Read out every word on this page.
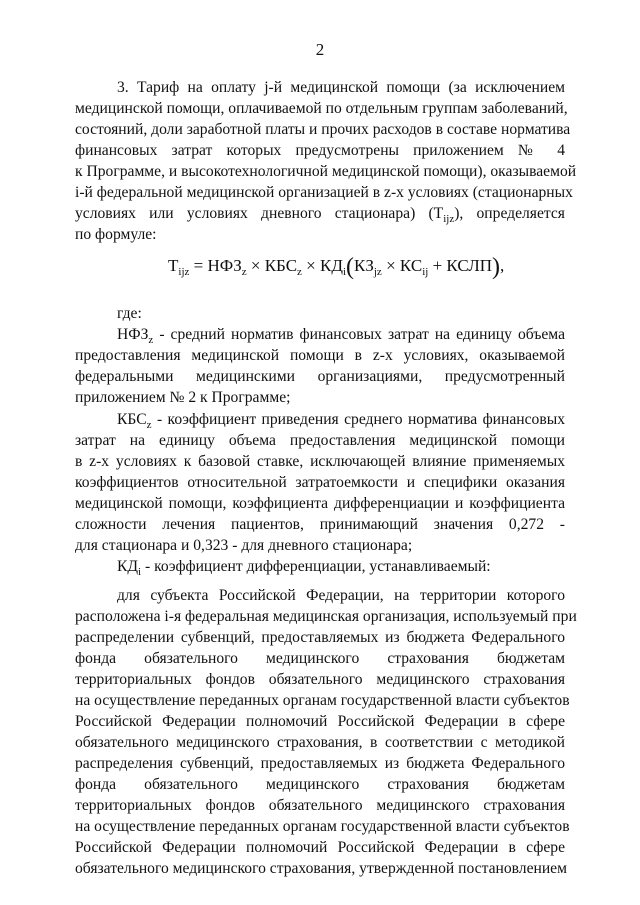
2
3. Тариф на оплату j-й медицинской помощи (за исключением
медицинской помощи, оплачиваемой по отдельным группам заболеваний,
состояний, доли заработной платы и прочих расходов в составе норматива
финансовых затрат которых предусмотрены приложением № 4
к Программе, и высокотехнологичной медицинской помощи), оказываемой
i-й федеральной медицинской организацией в z-х условиях (стационарных
условиях или условиях дневного стационара) $(T_{ijz})$, определяется
по формуле:
$T_{ijz} = НФЗ_z \times КБС_z \times КД_i(КЗ_{jz} \times КС_{ij}$ + КСЛП),
где:
$НФЗ_z$ - средний норматив финансовых затрат на единицу объема
предоставления медицинской помощи в z-х условиях, оказываемой
федеральными медицинскими организациями, предусмотренный
приложением № 2 к Программе;
$КБС_z$ - коэффициент приведения среднего норматива финансовых
затрат на единицу объема предоставления медицинской помощи
в z-х условиях к базовой ставке, исключающей влияние применяемых
коэффициентов относительной затратоемкости и специфики оказания
медицинской помощи, коэффициента дифференциации и коэффициента
сложности лечения пациентов, принимающий значения 0,272 -
для стационара и 0,323 - для дневного стационара;
$КД_i$ - коэффициент дифференциации, устанавливаемый:
для субъекта Российской Федерации, на территории которого
расположена i-я федеральная медицинская организация, используемый при
распределении субвенций, предоставляемых из бюджета Федерального
фонда обязательного медицинского страхования бюджетам
территориальных фондов обязательного медицинского страхования
на осуществление переданных органам государственной власти субъектов
Российской Федерации полномочий Российской Федерации в сфере
обязательного медицинского страхования, в соответствии с методикой
распределения субвенций, предоставляемых из бюджета Федерального
фонда обязательного медицинского страхования бюджетам
территориальных фондов обязательного медицинского страхования
на осуществление переданных органам государственной власти субъектов
Российской Федерации полномочий Российской Федерации в сфере
обязательного медицинского страхования, утвержденной постановлением
